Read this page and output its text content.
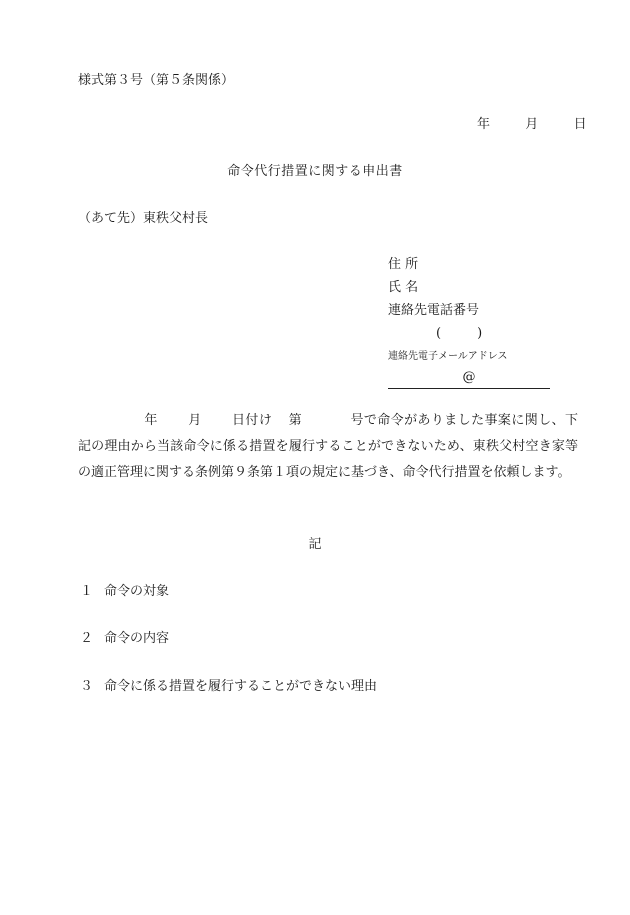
様式第３号（第５条関係）
年	月	日
命令代行措置に関する申出書
（あて先）東秩父村長
住 所
氏 名
連絡先電話番号
(	)
連絡先電子メールアドレス
@
年 月 日付け 第	号で命令がありました事案に関し、下記の理由から当該命令に係る措置を履行することができないため、東秩父村空き家等の適正管理に関する条例第９条第１項の規定に基づき、命令代行措置を依頼します。
記
１ 命令の対象
２ 命令の内容
３ 命令に係る措置を履行することができない理由
